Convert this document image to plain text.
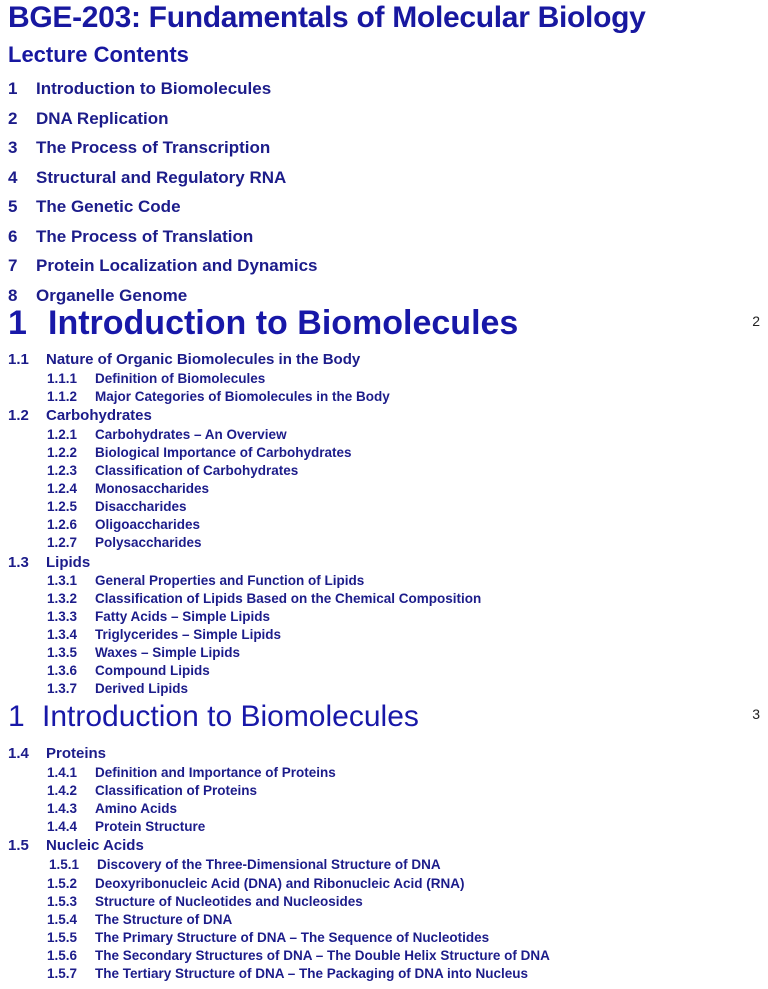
BGE-203: Fundamentals of Molecular Biology
Lecture Contents
1 Introduction to Biomolecules
2 DNA Replication
3 The Process of Transcription
4 Structural and Regulatory RNA
5 The Genetic Code
6 The Process of Translation
7 Protein Localization and Dynamics
8 Organelle Genome
1 Introduction to Biomolecules	2
1.1 Nature of Organic Biomolecules in the Body
1.1.1 Definition of Biomolecules
1.1.2 Major Categories of Biomolecules in the Body
1.2 Carbohydrates
1.2.1 Carbohydrates – An Overview
1.2.2 Biological Importance of Carbohydrates
1.2.3 Classification of Carbohydrates
1.2.4 Monosaccharides
1.2.5 Disaccharides
1.2.6 Oligoaccharides
1.2.7 Polysaccharides
1.3 Lipids
1.3.1 General Properties and Function of Lipids
1.3.2 Classification of Lipids Based on the Chemical Composition
1.3.3 Fatty Acids – Simple Lipids
1.3.4 Triglycerides – Simple Lipids
1.3.5 Waxes – Simple Lipids
1.3.6 Compound Lipids
1.3.7 Derived Lipids
1 Introduction to Biomolecules	3
1.4 Proteins
1.4.1 Definition and Importance of Proteins
1.4.2 Classification of Proteins
1.4.3 Amino Acids
1.4.4 Protein Structure
1.5 Nucleic Acids
1.5.1 Discovery of the Three-Dimensional Structure of DNA
1.5.2 Deoxyribonucleic Acid (DNA) and Ribonucleic Acid (RNA)
1.5.3 Structure of Nucleotides and Nucleosides
1.5.4 The Structure of DNA
1.5.5 The Primary Structure of DNA – The Sequence of Nucleotides
1.5.6 The Secondary Structures of DNA – The Double Helix Structure of DNA
1.5.7 The Tertiary Structure of DNA – The Packaging of DNA into Nucleus
